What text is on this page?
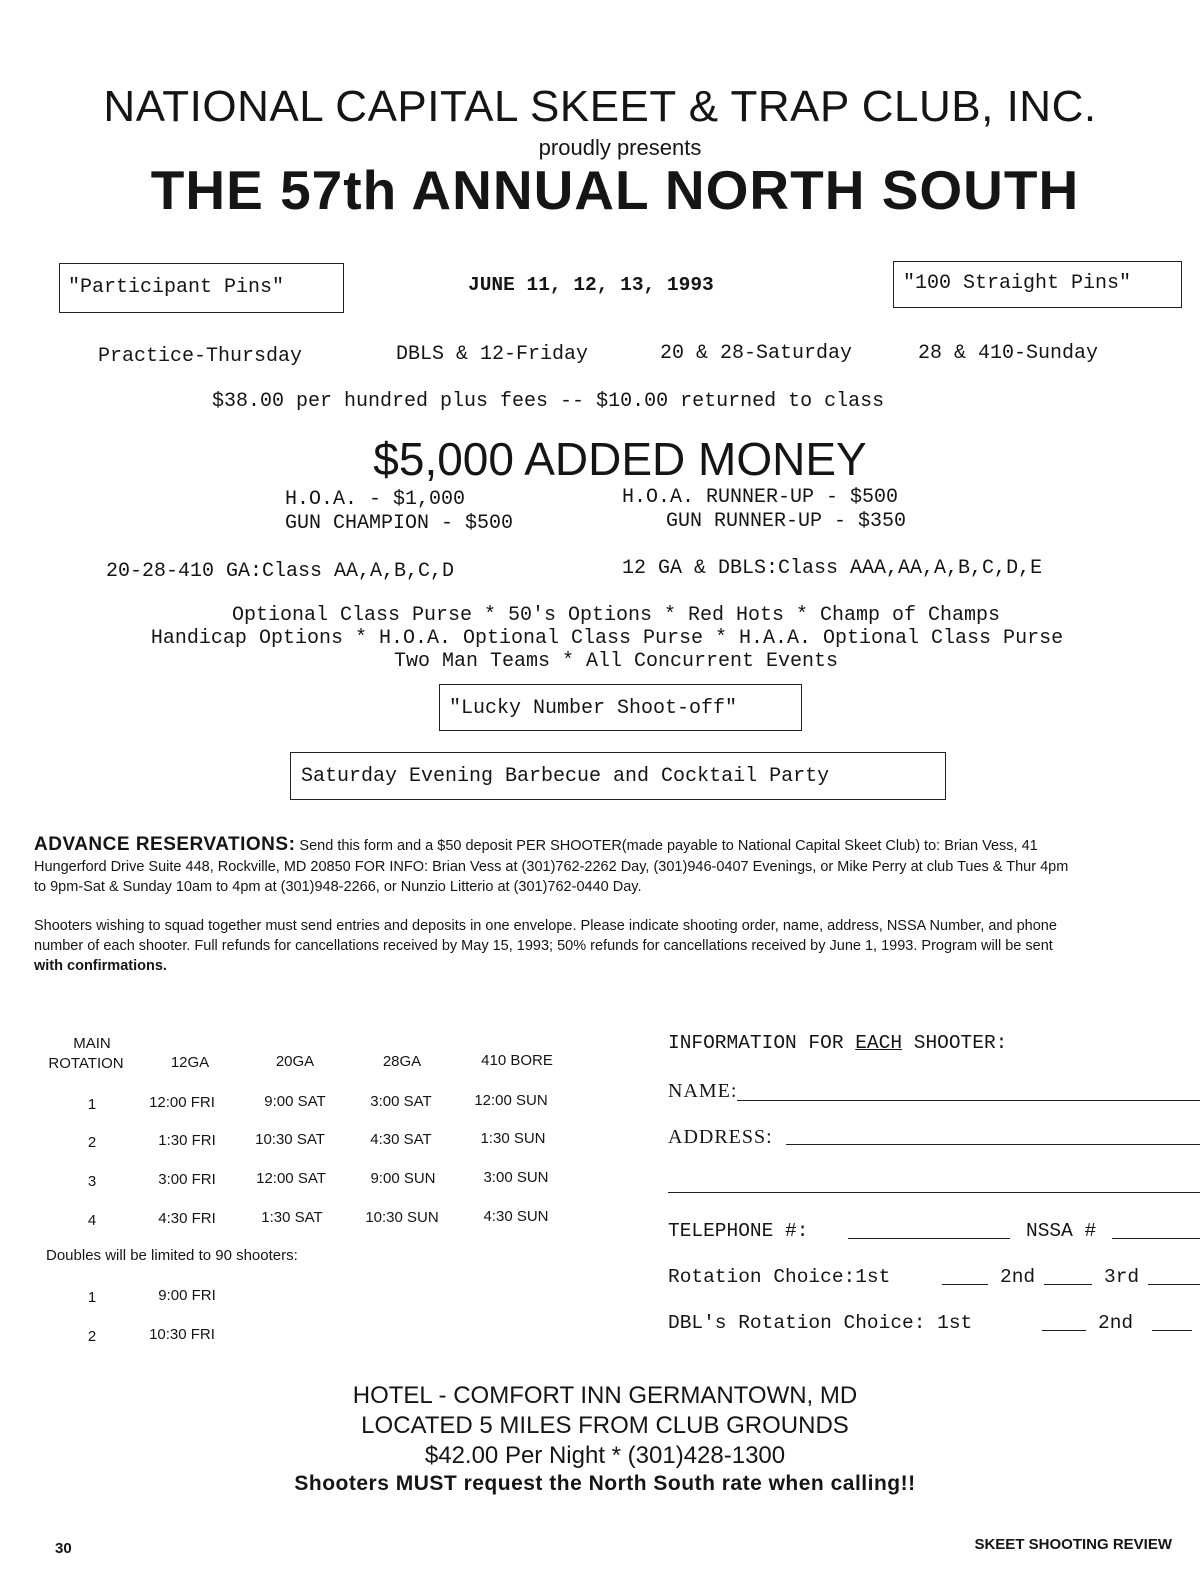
NATIONAL CAPITAL SKEET & TRAP CLUB, INC.
proudly presents
THE 57th ANNUAL NORTH SOUTH
"Participant Pins"	JUNE 11, 12, 13, 1993	"100 Straight Pins"
Practice-Thursday	DBLS & 12-Friday	20 & 28-Saturday	28 & 410-Sunday
$38.00 per hundred plus fees -- $10.00 returned to class
$5,000 ADDED MONEY
H.O.A. - $1,000
GUN CHAMPION - $500
H.O.A. RUNNER-UP - $500
GUN RUNNER-UP - $350
20-28-410 GA:Class AA,A,B,C,D	12 GA & DBLS:Class AAA,AA,A,B,C,D,E
Optional Class Purse * 50's Options * Red Hots * Champ of Champs
Handicap Options * H.O.A. Optional Class Purse * H.A.A. Optional Class Purse
Two Man Teams * All Concurrent Events
"Lucky Number Shoot-off"
Saturday Evening Barbecue and Cocktail Party
ADVANCE RESERVATIONS: Send this form and a $50 deposit PER SHOOTER(made payable to National Capital Skeet Club) to: Brian Vess, 41
Hungerford Drive Suite 448, Rockville, MD 20850 FOR INFO: Brian Vess at (301)762-2262 Day, (301)946-0407 Evenings, or Mike Perry at club Tues & Thur 4pm
to 9pm-Sat & Sunday 10am to 4pm at (301)948-2266, or Nunzio Litterio at (301)762-0440 Day.
Shooters wishing to squad together must send entries and deposits in one envelope. Please indicate shooting order, name, address, NSSA Number, and phone
number of each shooter. Full refunds for cancellations received by May 15, 1993; 50% refunds for cancellations received by June 1, 1993. Program will be sent
with confirmations.
MAIN
ROTATION	12GA	20GA	28GA	410 BORE
1	12:00 FRI	9:00 SAT	3:00 SAT	12:00 SUN
2	1:30 FRI	10:30 SAT	4:30 SAT	1:30 SUN
3	3:00 FRI	12:00 SAT	9:00 SUN	3:00 SUN
4	4:30 FRI	1:30 SAT	10:30 SUN	4:30 SUN
Doubles will be limited to 90 shooters:
1	9:00 FRI
2	10:30 FRI
INFORMATION FOR EACH SHOOTER:
NAME:
ADDRESS:
TELEPHONE #:	NSSA #
Rotation Choice:1st	2nd	3rd
DBL's Rotation Choice: 1st	2nd
HOTEL - COMFORT INN GERMANTOWN, MD
LOCATED 5 MILES FROM CLUB GROUNDS
$42.00 Per Night * (301)428-1300
Shooters MUST request the North South rate when calling!!
30	SKEET SHOOTING REVIEW
